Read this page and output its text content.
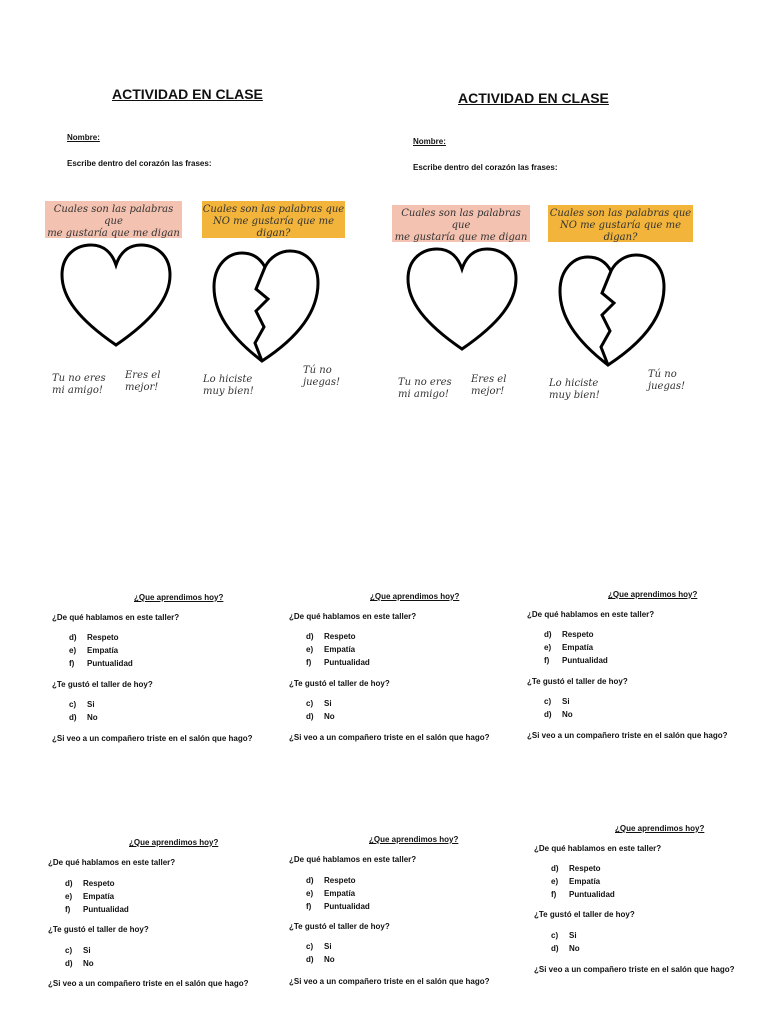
ACTIVIDAD EN CLASE
Nombre:
Escribe dentro del corazón las frases:
Cuales son las palabras que
me gustaría que me digan
Cuales son las palabras que
NO me gustaría que me digan?
Tu no eres
mi amigo!
Eres el
mejor!
Lo hiciste
muy bien!
Tú no
juegas!
ACTIVIDAD EN CLASE
Nombre:
Escribe dentro del corazón las frases:
Cuales son las palabras que
me gustaría que me digan
Cuales son las palabras que
NO me gustaría que me digan?
Tu no eres
mi amigo!
Eres el
mejor!
Lo hiciste
muy bien!
Tú no
juegas!
¿Que aprendimos hoy?
¿De qué hablamos en este taller?
d) Respeto
e) Empatía
f) Puntualidad
¿Te gustó el taller de hoy?
c) Si
d) No
¿Si veo a un compañero triste en el salón que hago?
¿Que aprendimos hoy?
¿De qué hablamos en este taller?
d) Respeto
e) Empatía
f) Puntualidad
¿Te gustó el taller de hoy?
c) Si
d) No
¿Si veo a un compañero triste en el salón que hago?
¿Que aprendimos hoy?
¿De qué hablamos en este taller?
d) Respeto
e) Empatía
f) Puntualidad
¿Te gustó el taller de hoy?
c) Si
d) No
¿Si veo a un compañero triste en el salón que hago?
¿Que aprendimos hoy?
¿De qué hablamos en este taller?
d) Respeto
e) Empatía
f) Puntualidad
¿Te gustó el taller de hoy?
c) Si
d) No
¿Si veo a un compañero triste en el salón que hago?
¿Que aprendimos hoy?
¿De qué hablamos en este taller?
d) Respeto
e) Empatía
f) Puntualidad
¿Te gustó el taller de hoy?
c) Si
d) No
¿Si veo a un compañero triste en el salón que hago?
¿Que aprendimos hoy?
¿De qué hablamos en este taller?
d) Respeto
e) Empatía
f) Puntualidad
¿Te gustó el taller de hoy?
c) Si
d) No
¿Si veo a un compañero triste en el salón que hago?
